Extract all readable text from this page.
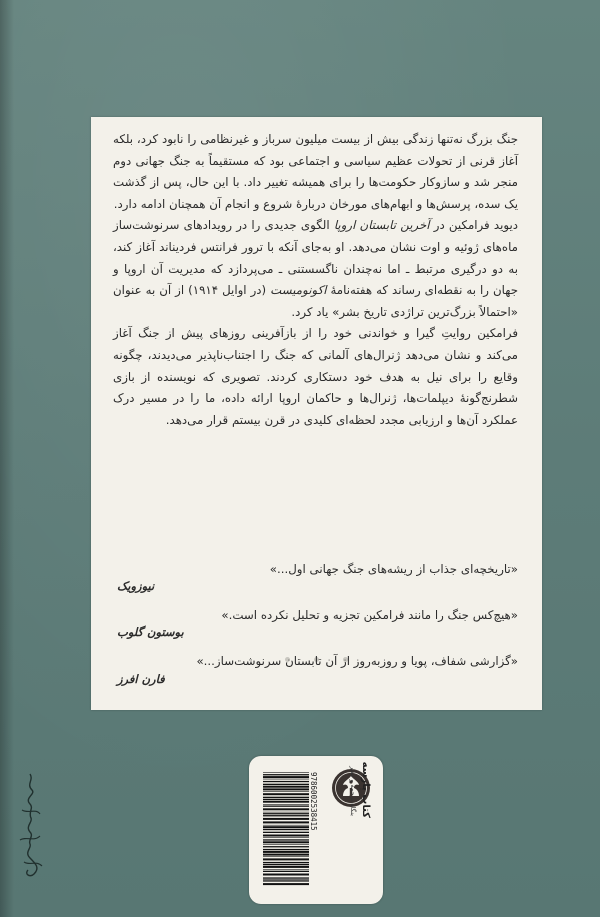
جنگ بزرگ نه‌تنها زندگی بیش از بیست میلیون سرباز و غیرنظامی را نابود کرد، بلکه آغاز قرنی از تحولات عظیم سیاسی و اجتماعی بود که مستقیماً به جنگ جهانی دوم منجر شد و سازوکار حکومت‌ها را برای همیشه تغییر داد. با این حال، پس از گذشت یک سده، پرسش‌ها و ابهام‌های مورخان دربارهٔ شروع و انجام آن همچنان ادامه دارد.

دیوید فرامکین در آخرین تابستان اروپا الگوی جدیدی را در رویدادهای سرنوشت‌ساز ماه‌های ژوئیه و اوت نشان می‌دهد. او به‌جای آنکه با ترور فرانتس فردیناند آغاز کند، به دو درگیری مرتبط ـ اما نه‌چندان ناگسستنی ـ می‌پردازد که مدیریت آن اروپا و جهان را به نقطه‌ای رساند که هفته‌نامهٔ اکونومیست (در اوایل ۱۹۱۴) از آن به عنوان «احتمالاً بزرگ‌ترین تراژدی تاریخ بشر» یاد کرد.

فرامکین روایتِ گیرا و خواندنی خود را از بازآفرینی روزهای پیش از جنگ آغاز می‌کند و نشان می‌دهد ژنرال‌های آلمانی که جنگ را اجتناب‌ناپذیر می‌دیدند، چگونه وقایع را برای نیل به هدف خود دستکاری کردند. تصویری که نویسنده از بازی شطرنج‌گونهٔ دیپلمات‌ها، ژنرال‌ها و حاکمان اروپا ارائه داده، ما را در مسیر درک عملکرد آن‌ها و ارزیابی مجدد لحظه‌ای کلیدی در قرن بیستم قرار می‌دهد.

«تاریخچه‌ای جذاب از ریشه‌های جنگ جهانی اول...»
نیوزویک
«هیچ‌کس جنگ را مانند فرامکین تجزیه و تحلیل نکرده است.»
بوستون گلوب
«گزارشی شفاف، پویا و روزبه‌روز از آن تابستان سرنوشت‌ساز...»
فارن افرز
9786002538415	بنگاه ترجمه و نشر کتاب پارسه
